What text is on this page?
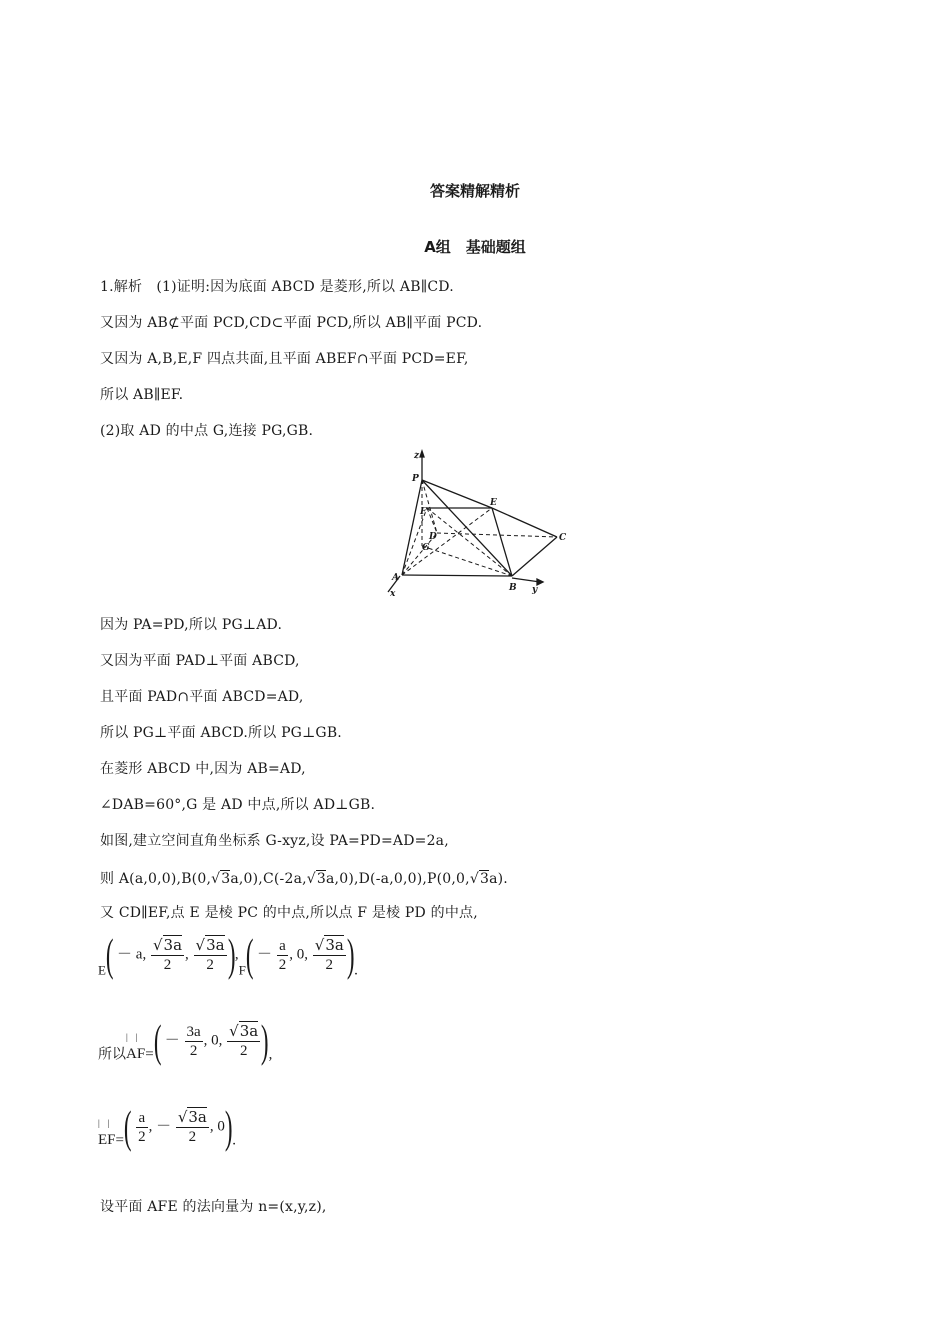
答案精解精析
A组　基础题组
1.解析　(1)证明:因为底面 ABCD 是菱形,所以 AB∥CD.
又因为 AB⊄平面 PCD,CD⊂平面 PCD,所以 AB∥平面 PCD.
又因为 A,B,E,F 四点共面,且平面 ABEF∩平面 PCD=EF,
所以 AB∥EF.
(2)取 AD 的中点 G,连接 PG,GB.
z
P
E
F
D
G
C
A
B
x	y
因为 PA=PD,所以 PG⊥AD.
又因为平面 PAD⊥平面 ABCD,
且平面 PAD∩平面 ABCD=AD,
所以 PG⊥平面 ABCD.所以 PG⊥GB.
在菱形 ABCD 中,因为 AB=AD,
∠DAB=60°,G 是 AD 中点,所以 AD⊥GB.
如图,建立空间直角坐标系 G-xyz,设 PA=PD=AD=2a,
则 A(a,0,0),B(0,√3a,0),C(-2a,√3a,0),D(-a,0,0),P(0,0,√3a).
又 CD∥EF,点 E 是棱 PC 的中点,所以点 F 是棱 PD 的中点,
E( － a, $\frac{√3a}{2}$ , $\frac{√3a}{2} ),F( - \frac{a}{2}$ , 0, $\frac{√3a}{2}$ ).
所以
||
$AF=( - \frac{3a}{2}$ , 0, $\frac{√3a}{2}$ ),
||
$EF=( \frac{a}{2}$ , － $\frac{√3a}{2}$ , 0).
设平面 AFE 的法向量为 n=(x,y,z),
